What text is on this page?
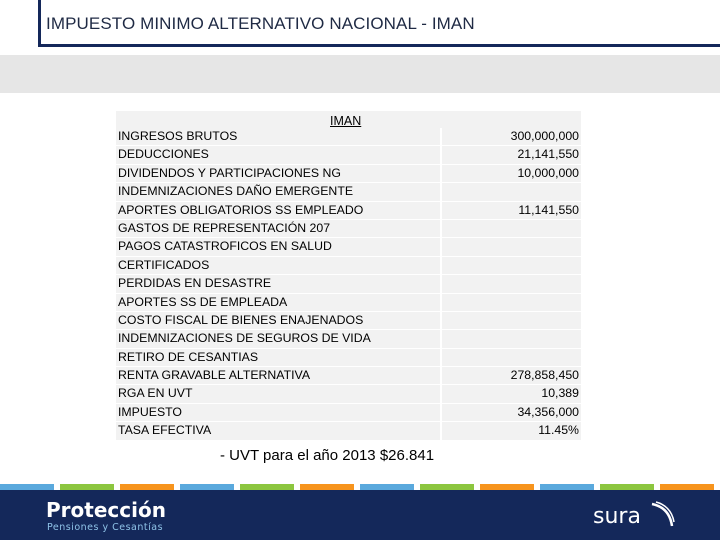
IMPUESTO MINIMO ALTERNATIVO NACIONAL - IMAN
IMAN
INGRESOS BRUTOS	300,000,000
DEDUCCIONES	21,141,550
DIVIDENDOS Y PARTICIPACIONES NG	10,000,000
INDEMNIZACIONES DAÑO EMERGENTE
APORTES OBLIGATORIOS SS EMPLEADO	11,141,550
GASTOS DE REPRESENTACIÓN 207
PAGOS CATASTROFICOS EN SALUD
CERTIFICADOS
PERDIDAS EN DESASTRE
APORTES SS DE EMPLEADA
COSTO FISCAL DE BIENES ENAJENADOS
INDEMNIZACIONES DE SEGUROS DE VIDA
RETIRO DE CESANTIAS
RENTA GRAVABLE ALTERNATIVA	278,858,450
RGA EN UVT	10,389
IMPUESTO	34,356,000
TASA EFECTIVA	11.45%
- UVT para el año 2013 $26.841
Protección
Pensiones y Cesantías	sura
